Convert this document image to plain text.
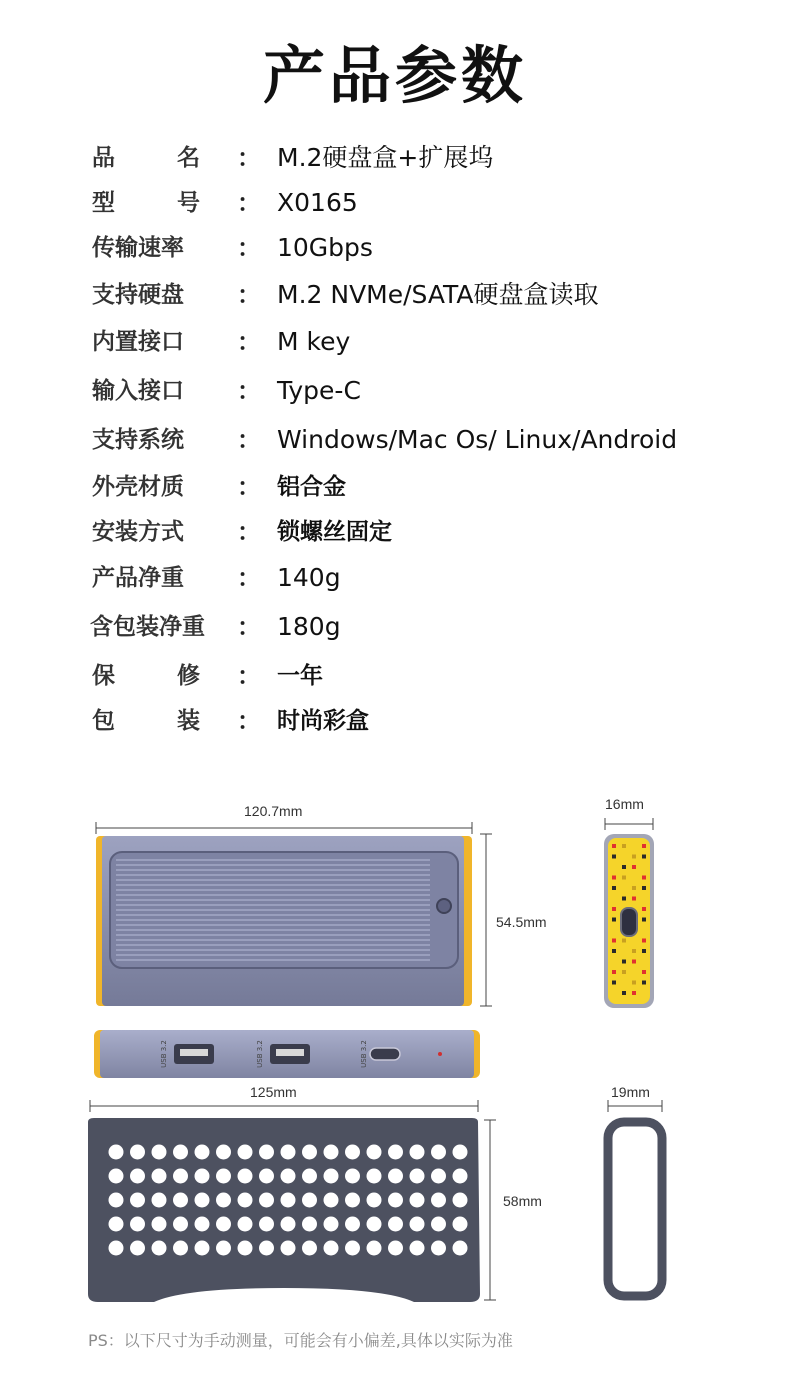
产品参数
品	名 ： M.2硬盘盒+扩展坞
型	号 ： X0165
传输速率 ： 10Gbps
支持硬盘 ： M.2 NVMe/SATA硬盘盒读取
内置接口 ： M key
输入接口 ： Type-C
支持系统 ： Windows/Mac Os/ Linux/Android
外壳材质 ： 铝合金
安装方式 ： 锁螺丝固定
产品净重 ： 140g
含包装净重 ： 180g
保	修 ： 一年
包	装 ： 时尚彩盒
120.7mm
54.5mm
16mm
125mm
58mm
19mm
USB 3.2	USB 3.2	USB 3.2
PS：以下尺寸为手动测量，可能会有小偏差,具体以实际为准
